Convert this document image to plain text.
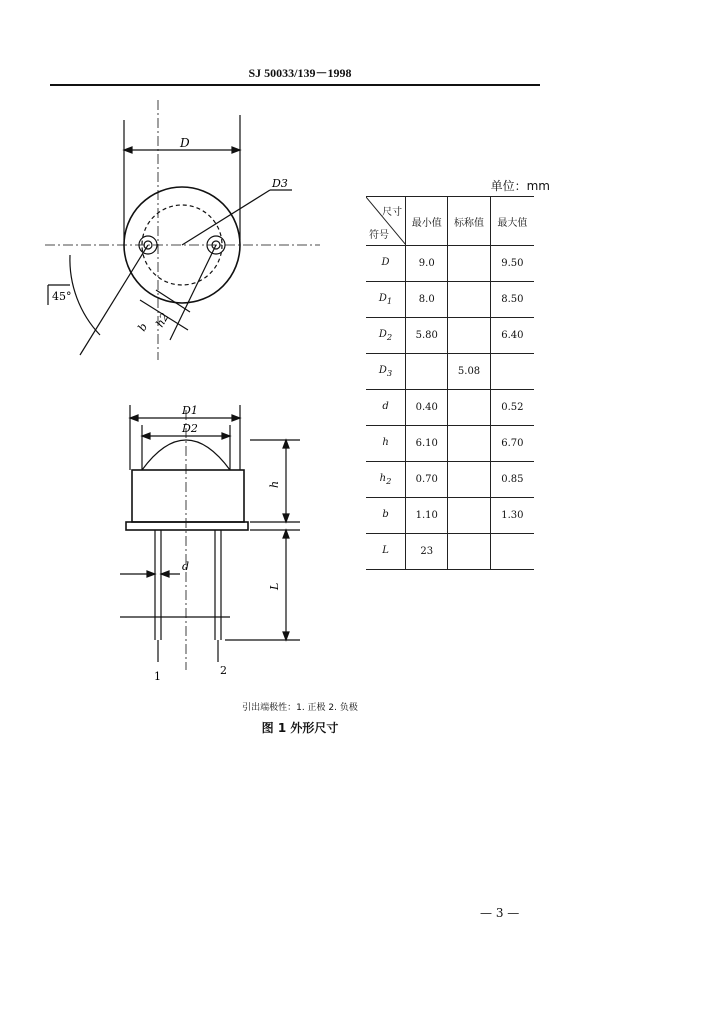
SJ 50033/139－1998
D
D3
45°
b h2
D1
D2
h
d
L
1	2
单位：mm
尺寸
符号	最小值	标称值	最大值
D	9.0		9.50
$D_1$	8.0		8.50
$D_2$	5.80		6.40
$D_3$		5.08	
d	0.40		0.52
h	6.10		6.70
$h_2$	0.70		0.85
b	1.10		1.30
L	23		
引出端极性：1. 正极 2. 负极
图 1 外形尺寸
— 3 —
